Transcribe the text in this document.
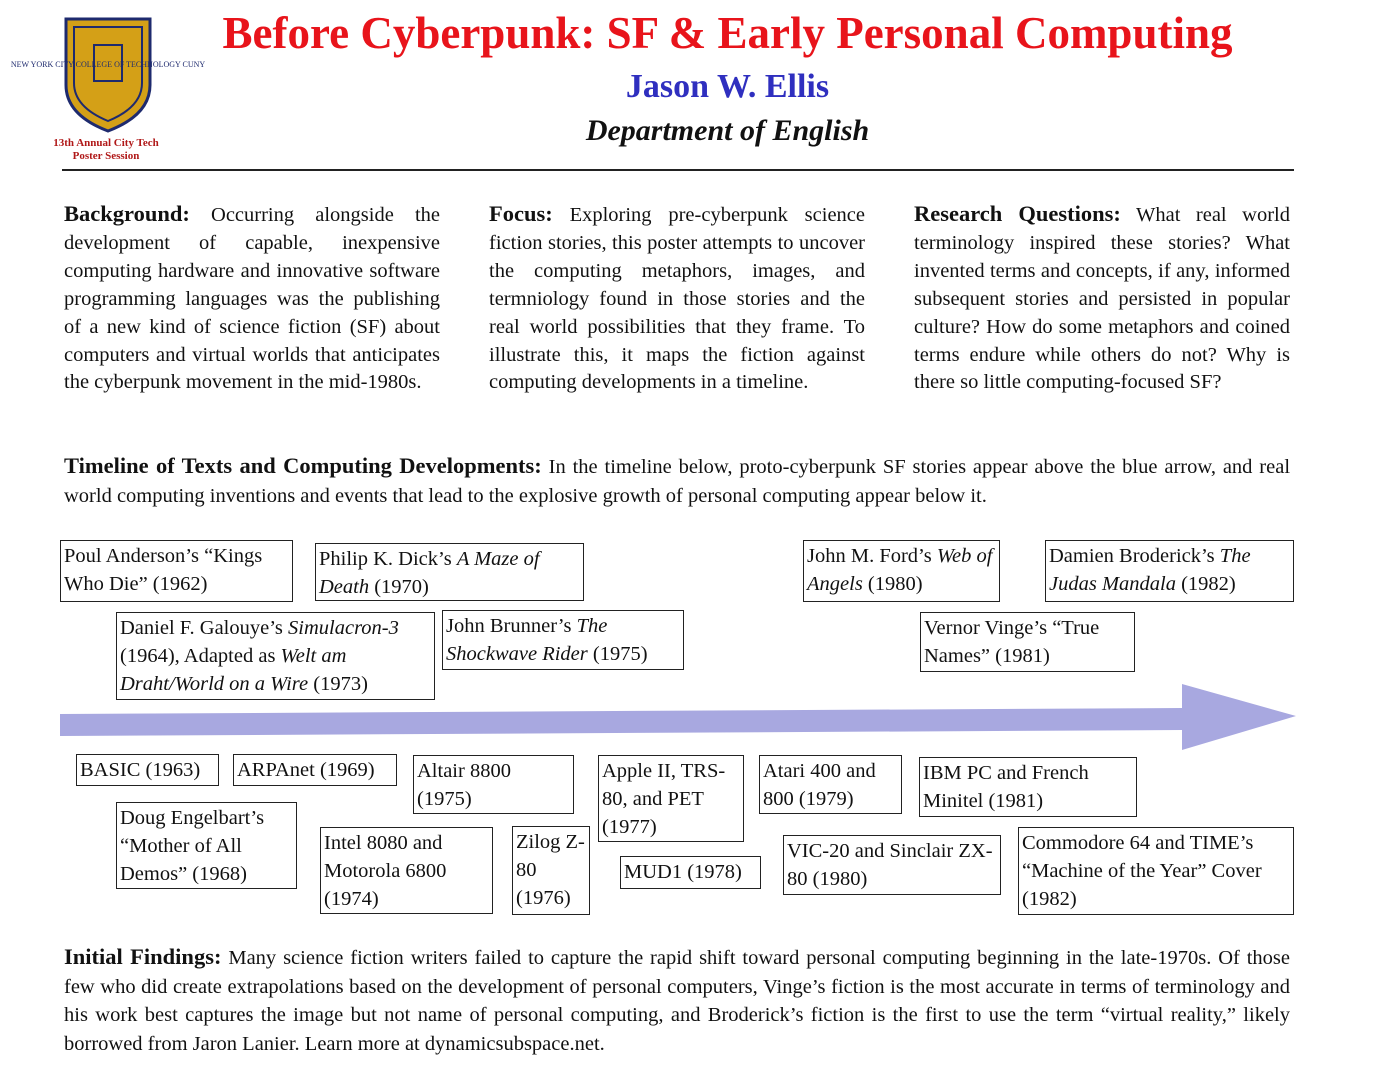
NEW YORK CITY COLLEGE OF TECHNOLOGY CUNY
13th Annual City Tech
Poster Session
Before Cyberpunk: SF & Early Personal Computing
Jason W. Ellis
Department of English
Background: Occurring alongside the development of capable, inexpensive computing hardware and innovative software programming languages was the publishing of a new kind of science fiction (SF) about computers and virtual worlds that anticipates the cyberpunk movement in the mid-1980s.
Focus: Exploring pre-cyberpunk science fiction stories, this poster attempts to uncover the computing metaphors, images, and termniology found in those stories and the real world possibilities that they frame. To illustrate this, it maps the fiction against computing developments in a timeline.
Research Questions: What real world terminology inspired these stories? What invented terms and concepts, if any, informed subsequent stories and persisted in popular culture? How do some metaphors and coined terms endure while others do not? Why is there so little computing-focused SF?
Timeline of Texts and Computing Developments: In the timeline below, proto-cyberpunk SF stories appear above the blue arrow, and real world computing inventions and events that lead to the explosive growth of personal computing appear below it.
Poul Anderson’s “Kings Who Die” (1962)
Philip K. Dick’s A Maze of Death (1970)
Daniel F. Galouye’s Simulacron-3 (1964), Adapted as Welt am Draht/World on a Wire (1973)
John Brunner’s The Shockwave Rider (1975)
John M. Ford’s Web of Angels (1980)
Damien Broderick’s The Judas Mandala (1982)
Vernor Vinge’s “True Names” (1981)
BASIC (1963)	ARPAnet (1969)
Doug Engelbart’s “Mother of All Demos” (1968)
Intel 8080 and Motorola 6800 (1974)
Altair 8800 (1975)
Zilog Z-80 (1976)
Apple II, TRS-80, and PET (1977)
MUD1 (1978)
Atari 400 and 800 (1979)
VIC-20 and Sinclair ZX-80 (1980)
IBM PC and French Minitel (1981)
Commodore 64 and TIME’s “Machine of the Year” Cover (1982)
Initial Findings: Many science fiction writers failed to capture the rapid shift toward personal computing beginning in the late-1970s. Of those few who did create extrapolations based on the development of personal computers, Vinge’s fiction is the most accurate in terms of terminology and his work best captures the image but not name of personal computing, and Broderick’s fiction is the first to use the term “virtual reality,” likely borrowed from Jaron Lanier. Learn more at dynamicsubspace.net.
